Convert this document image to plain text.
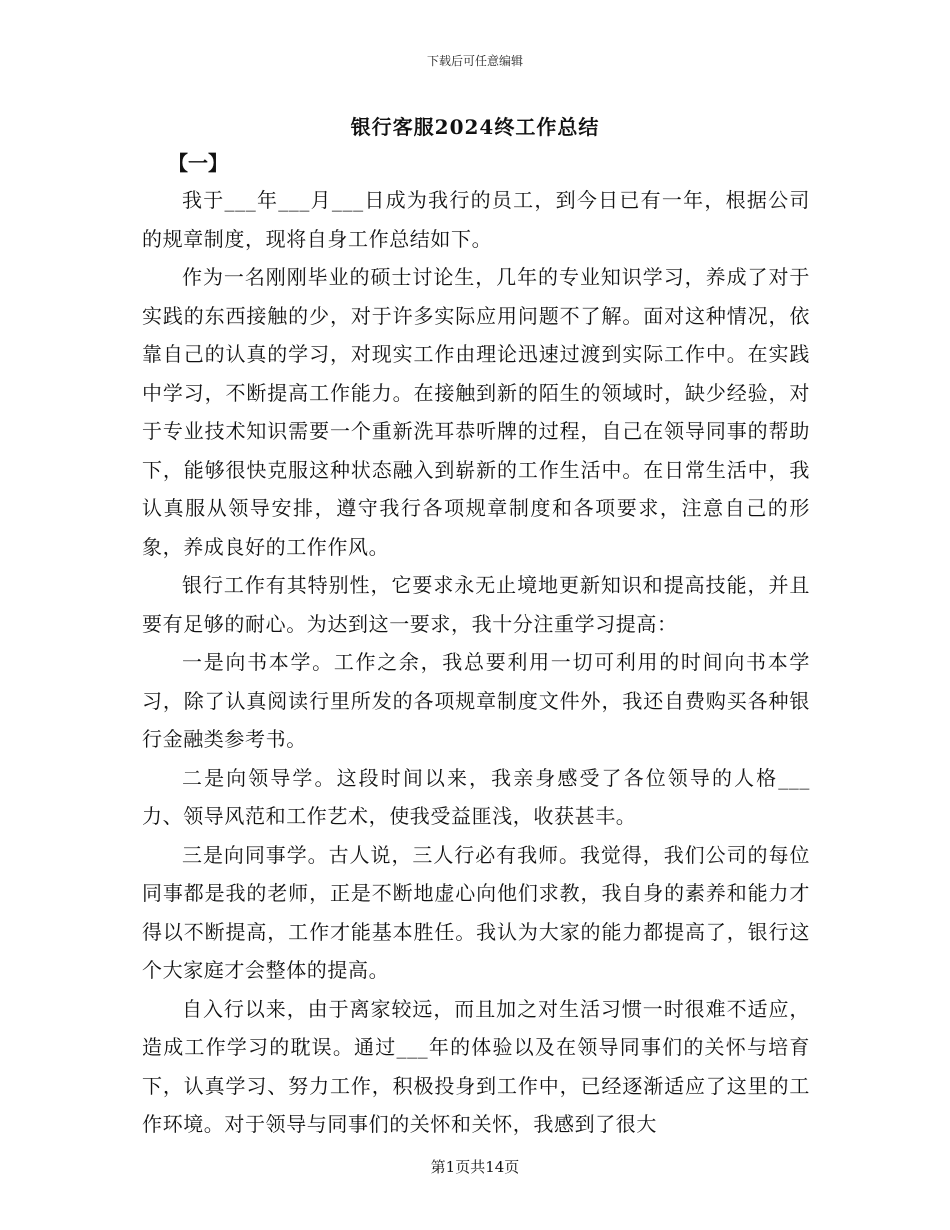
下载后可任意编辑
银行客服2024终工作总结
【一】

我于___年___月___日成为我行的员工，到今日已有一年，根据公司的规章制度，现将自身工作总结如下。

作为一名刚刚毕业的硕士讨论生，几年的专业知识学习，养成了对于实践的东西接触的少，对于许多实际应用问题不了解。面对这种情况，依靠自己的认真的学习，对现实工作由理论迅速过渡到实际工作中。在实践中学习，不断提高工作能力。在接触到新的陌生的领域时，缺少经验，对于专业技术知识需要一个重新洗耳恭听牌的过程，自己在领导同事的帮助下，能够很快克服这种状态融入到崭新的工作生活中。在日常生活中，我认真服从领导安排，遵守我行各项规章制度和各项要求，注意自己的形象，养成良好的工作作风。

银行工作有其特别性，它要求永无止境地更新知识和提高技能，并且要有足够的耐心。为达到这一要求，我十分注重学习提高：

一是向书本学。工作之余，我总要利用一切可利用的时间向书本学习，除了认真阅读行里所发的各项规章制度文件外，我还自费购买各种银行金融类参考书。

二是向领导学。这段时间以来，我亲身感受了各位领导的人格___力、领导风范和工作艺术，使我受益匪浅，收获甚丰。

三是向同事学。古人说，三人行必有我师。我觉得，我们公司的每位同事都是我的老师，正是不断地虚心向他们求教，我自身的素养和能力才得以不断提高，工作才能基本胜任。我认为大家的能力都提高了，银行这个大家庭才会整体的提高。

自入行以来，由于离家较远，而且加之对生活习惯一时很难不适应，造成工作学习的耽误。通过___年的体验以及在领导同事们的关怀与培育下，认真学习、努力工作，积极投身到工作中，已经逐渐适应了这里的工作环境。对于领导与同事们的关怀和关怀，我感到了很大

第1页共14页
